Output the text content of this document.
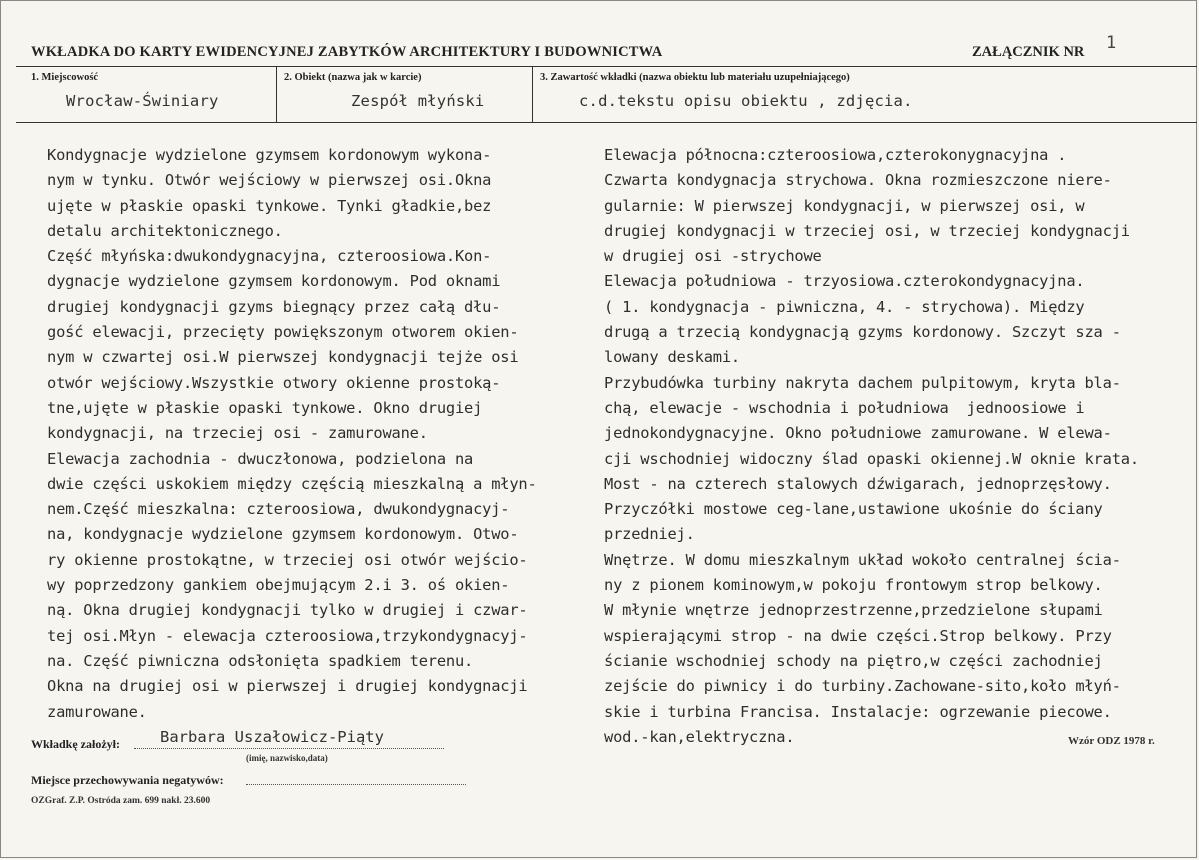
WKŁADKA DO KARTY EWIDENCYJNEJ ZABYTKÓW ARCHITEKTURY I BUDOWNICTWA	ZAŁĄCZNIK NR 1
1. Miejscowość
Wrocław-Świniary
2. Obiekt (nazwa jak w karcie)
Zespół młyński
3. Zawartość wkładki (nazwa obiektu lub materiału uzupełniającego)
c.d.tekstu opisu obiektu , zdjęcia.
Kondygnacje wydzielone gzymsem kordonowym wykona-
nym w tynku. Otwór wejściowy w pierwszej osi.Okna
ujęte w płaskie opaski tynkowe. Tynki gładkie,bez
detalu architektonicznego.
Część młyńska:dwukondygnacyjna, czteroosiowa.Kon-
dygnacje wydzielone gzymsem kordonowym. Pod oknami
drugiej kondygnacji gzyms biegnący przez całą dłu-
gość elewacji, przecięty powiększonym otworem okien-
nym w czwartej osi.W pierwszej kondygnacji tejże osi
otwór wejściowy.Wszystkie otwory okienne prostoką-
tne,ujęte w płaskie opaski tynkowe. Okno drugiej
kondygnacji, na trzeciej osi - zamurowane.
Elewacja zachodnia - dwuczłonowa, podzielona na
dwie części uskokiem między częścią mieszkalną a młyn-
nem.Część mieszkalna: czteroosiowa, dwukondygnacyj-
na, kondygnacje wydzielone gzymsem kordonowym. Otwo-
ry okienne prostokątne, w trzeciej osi otwór wejścio-
wy poprzedzony gankiem obejmującym 2.i 3. oś okien-
ną. Okna drugiej kondygnacji tylko w drugiej i czwar-
tej osi.Młyn - elewacja czteroosiowa,trzykondygnacyj-
na. Część piwniczna odsłonięta spadkiem terenu.
Okna na drugiej osi w pierwszej i drugiej kondygnacji
zamurowane.
Elewacja północna:czteroosiowa,czterokonygnacyjna .
Czwarta kondygnacja strychowa. Okna rozmieszczone niere-
gularnie: W pierwszej kondygnacji, w pierwszej osi, w
drugiej kondygnacji w trzeciej osi, w trzeciej kondygnacji
w drugiej osi -strychowe
Elewacja południowa - trzyosiowa.czterokondygnacyjna.
( 1. kondygnacja - piwniczna, 4. - strychowa). Między
drugą a trzecią kondygnacją gzyms kordonowy. Szczyt sza -
lowany deskami.
Przybudówka turbiny nakryta dachem pulpitowym, kryta bla-
chą, elewacje - wschodnia i południowa  jednoosiowe i
jednokondygnacyjne. Okno południowe zamurowane. W elewa-
cji wschodniej widoczny ślad opaski okiennej.W oknie krata.
Most - na czterech stalowych dźwigarach, jednoprzęsłowy.
Przyczółki mostowe ceg-lane,ustawione ukośnie do ściany
przedniej.
Wnętrze. W domu mieszkalnym układ wokoło centralnej ścia-
ny z pionem kominowym,w pokoju frontowym strop belkowy.
W młynie wnętrze jednoprzestrzenne,przedzielone słupami
wspierającymi strop - na dwie części.Strop belkowy. Przy
ścianie wschodniej schody na piętro,w części zachodniej
zejście do piwnicy i do turbiny.Zachowane-sito,koło młyń-
skie i turbina Francisa. Instalacje: ogrzewanie piecowe.
wod.-kan,elektryczna.
Wkładkę założył:	Barbara Uszałowicz-Piąty
(imię, nazwisko,data)
Miejsce przechowywania negatywów:
OZGraf. Z.P. Ostróda zam. 699 nakł. 23.600
Wzór ODZ 1978 r.
